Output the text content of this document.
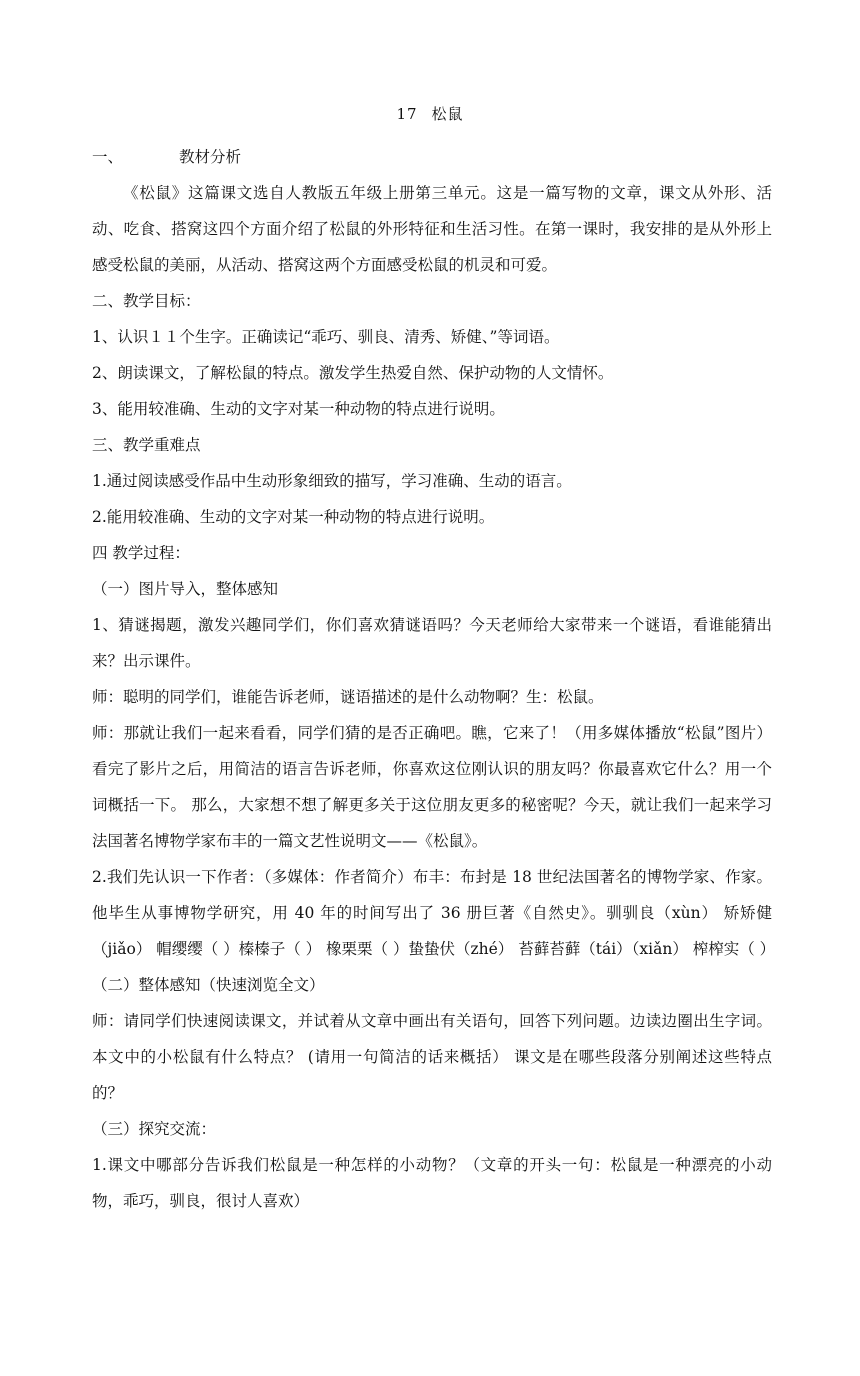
17 松鼠

一、	教材分析

《松鼠》这篇课文选自人教版五年级上册第三单元。这是一篇写物的文章，课文从外形、活动、吃食、搭窝这四个方面介绍了松鼠的外形特征和生活习性。在第一课时，我安排的是从外形上感受松鼠的美丽，从活动、搭窝这两个方面感受松鼠的机灵和可爱。

二、教学目标：

1、认识１１个生字。正确读记“乖巧、驯良、清秀、矫健、”等词语。

2、朗读课文，了解松鼠的特点。激发学生热爱自然、保护动物的人文情怀。

3、能用较准确、生动的文字对某一种动物的特点进行说明。

三、教学重难点

1.通过阅读感受作品中生动形象细致的描写，学习准确、生动的语言。

2.能用较准确、生动的文字对某一种动物的特点进行说明。

四 教学过程：

（一）图片导入，整体感知

1、猜谜揭题，激发兴趣同学们，你们喜欢猜谜语吗？今天老师给大家带来一个谜语，看谁能猜出来？出示课件。

师：聪明的同学们，谁能告诉老师，谜语描述的是什么动物啊？生：松鼠。

师：那就让我们一起来看看，同学们猜的是否正确吧。瞧，它来了！（用多媒体播放“松鼠”图片）看完了影片之后，用简洁的语言告诉老师，你喜欢这位刚认识的朋友吗？你最喜欢它什么？用一个词概括一下。 那么，大家想不想了解更多关于这位朋友更多的秘密呢？今天，就让我们一起来学习法国著名博物学家布丰的一篇文艺性说明文——《松鼠》。

2.我们先认识一下作者：（多媒体：作者简介）布丰：布封是 18 世纪法国著名的博物学家、作家。他毕生从事博物学研究，用 40 年的时间写出了 36 册巨著《自然史》。驯驯良（xùn） 矫矫健（jiǎo） 帽缨缨（ ）榛榛子（ ） 橡栗栗（ ）蛰蛰伏（zhé） 苔藓苔藓（tái）（xiǎn） 榨榨实（ ）

（二）整体感知（快速浏览全文）

师：请同学们快速阅读课文，并试着从文章中画出有关语句，回答下列问题。边读边圈出生字词。本文中的小松鼠有什么特点？ (请用一句简洁的话来概括） 课文是在哪些段落分别阐述这些特点的？

（三）探究交流：

1.课文中哪部分告诉我们松鼠是一种怎样的小动物？（文章的开头一句：松鼠是一种漂亮的小动物，乖巧，驯良，很讨人喜欢）
